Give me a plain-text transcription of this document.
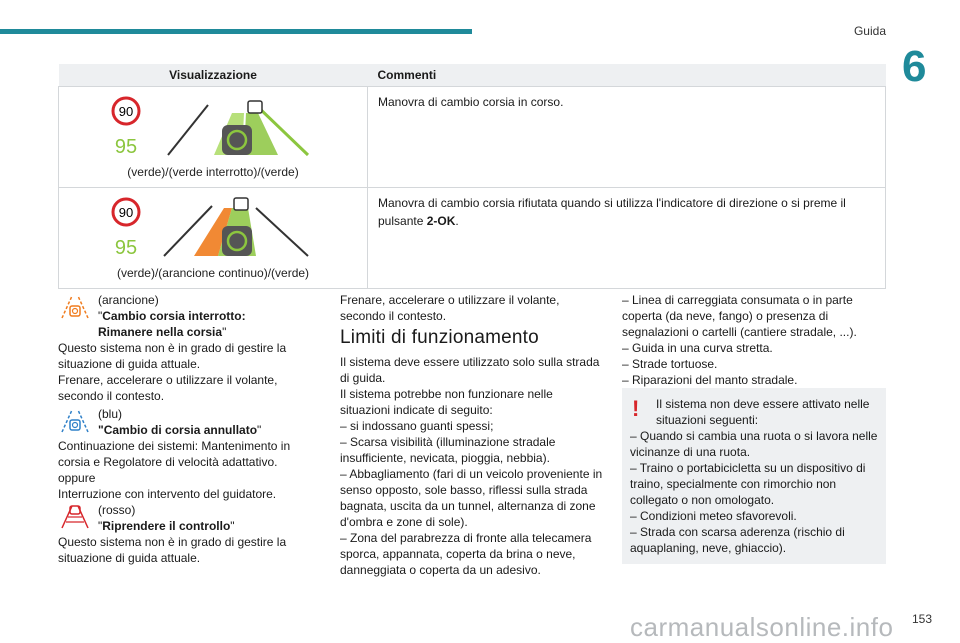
Guida
6
Visualizzazione	Commenti

90
95
(verde)/(verde interrotto)/(verde)	Manovra di cambio corsia in corso.

90
95
(verde)/(arancione continuo)/(verde)	Manovra di cambio corsia rifiutata quando si utilizza l'indicatore di direzione o si preme il pulsante 2-OK.

(arancione)

"Cambio corsia interrotto: Rimanere nella corsia"

Questo sistema non è in grado di gestire la situazione di guida attuale.

Frenare, accelerare o utilizzare il volante, secondo il contesto.

(blu)

"Cambio di corsia annullato"

Continuazione dei sistemi: Mantenimento in corsia e Regolatore di velocità adattativo.

oppure

Interruzione con intervento del guidatore.

(rosso)

"Riprendere il controllo"

Questo sistema non è in grado di gestire la situazione di guida attuale.

Frenare, accelerare o utilizzare il volante, secondo il contesto.

Limiti di funzionamento

Il sistema deve essere utilizzato solo sulla strada di guida.

Il sistema potrebbe non funzionare nelle situazioni indicate di seguito:

– si indossano guanti spessi;

– Scarsa visibilità (illuminazione stradale insufficiente, nevicata, pioggia, nebbia).

– Abbagliamento (fari di un veicolo proveniente in senso opposto, sole basso, riflessi sulla strada bagnata, uscita da un tunnel, alternanza di zone d'ombra e zone di sole).

– Zona del parabrezza di fronte alla telecamera sporca, appannata, coperta da brina o neve, danneggiata o coperta da un adesivo.

– Linea di carreggiata consumata o in parte coperta (da neve, fango) o presenza di segnalazioni o cartelli (cantiere stradale, ...).

– Guida in una curva stretta.

– Strade tortuose.

– Riparazioni del manto stradale.

!	Il sistema non deve essere attivato nelle situazioni seguenti:

– Quando si cambia una ruota o si lavora nelle vicinanze di una ruota.

– Traino o portabicicletta su un dispositivo di traino, specialmente con rimorchio non collegato o non omologato.

– Condizioni meteo sfavorevoli.

– Strada con scarsa aderenza (rischio di aquaplaning, neve, ghiaccio).

carmanualsonline.info 153
